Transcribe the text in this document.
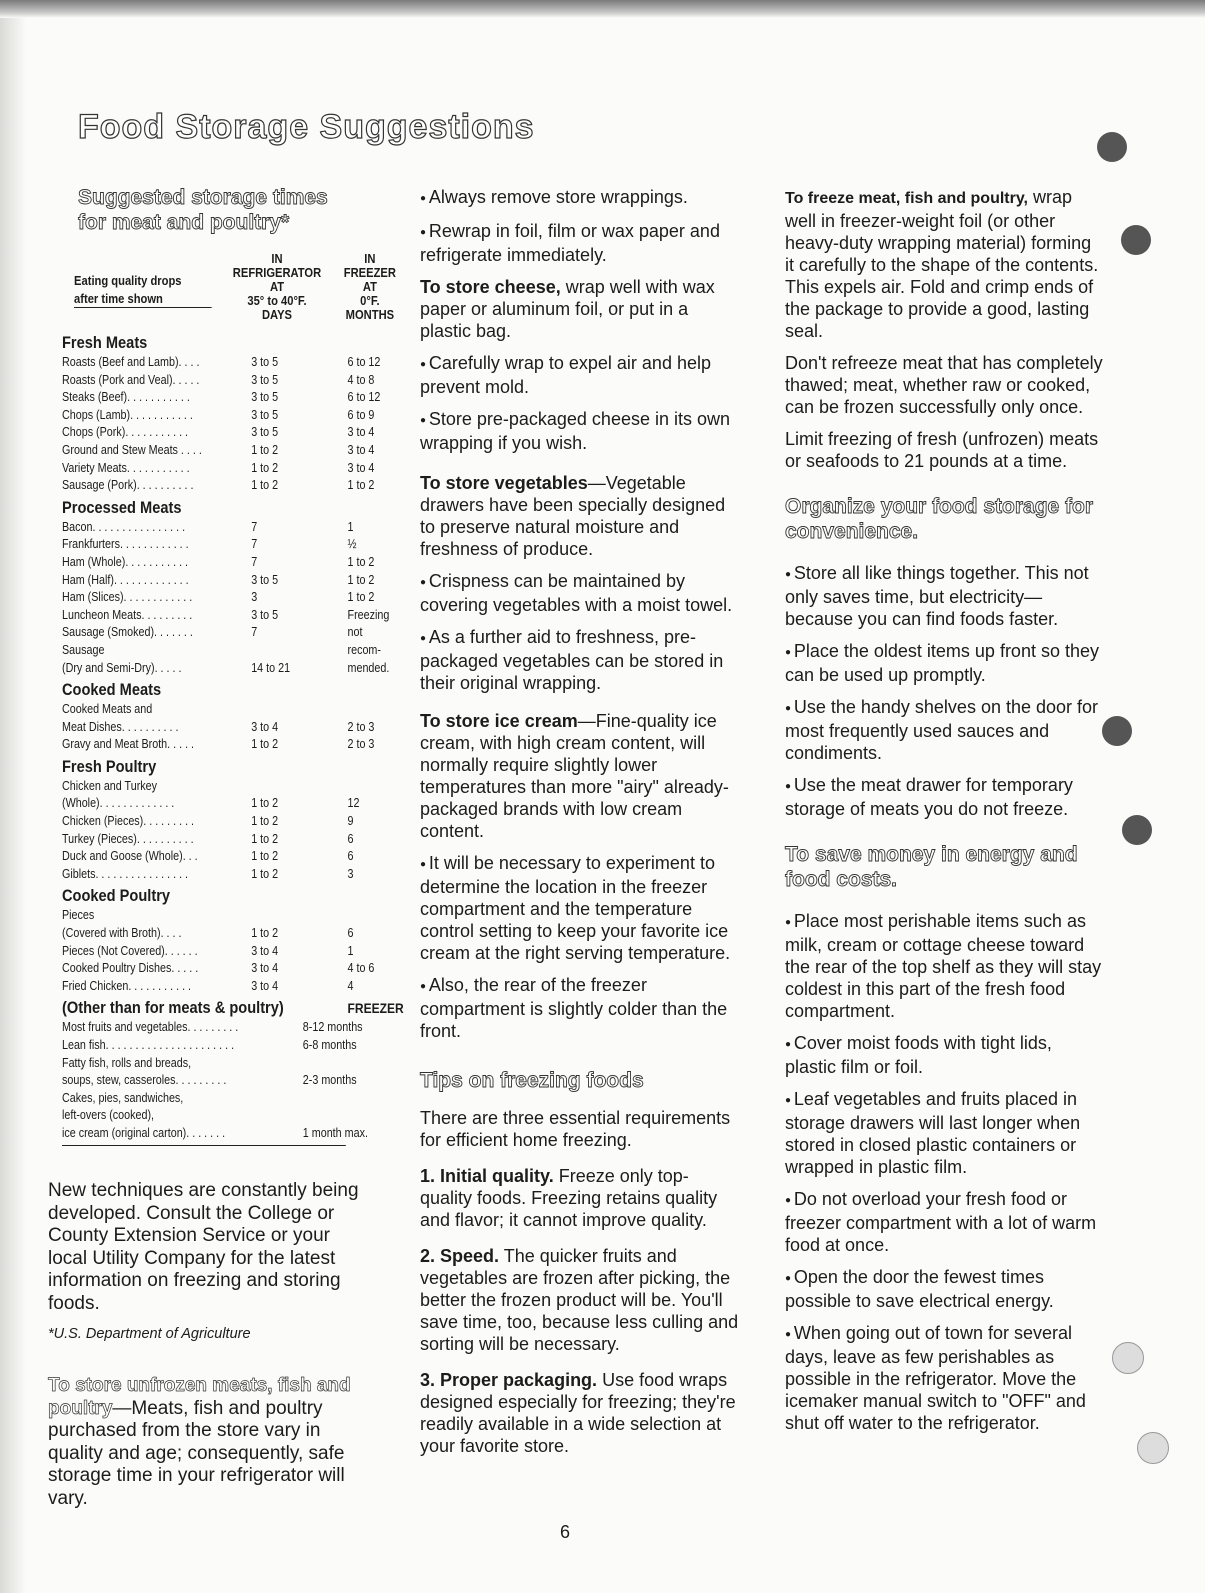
Food Storage Suggestions

Suggested storage times
for meat and poultry*

Eating quality drops
after time shown
IN
REFRIGERATOR
AT
35° to 40°F.
DAYS
IN
FREEZER
AT
0°F.
MONTHS
Fresh Meats
Roasts (Beef and Lamb). . . .	3 to 5	6 to 12
Roasts (Pork and Veal). . . . .	3 to 5	4 to 8
Steaks (Beef). . . . . . . . . . .	3 to 5	6 to 12
Chops (Lamb). . . . . . . . . . .	3 to 5	6 to 9
Chops (Pork). . . . . . . . . . .	3 to 5	3 to 4
Ground and Stew Meats . . . .	1 to 2	3 to 4
Variety Meats. . . . . . . . . . .	1 to 2	3 to 4
Sausage (Pork). . . . . . . . . .	1 to 2	1 to 2
Processed Meats
Bacon. . . . . . . . . . . . . . . .	7	1
Frankfurters. . . . . . . . . . . .	7	½
Ham (Whole). . . . . . . . . . .	7	1 to 2
Ham (Half). . . . . . . . . . . . .	3 to 5	1 to 2
Ham (Slices). . . . . . . . . . . .	3	1 to 2
Luncheon Meats. . . . . . . . .	3 to 5	Freezing
Sausage (Smoked). . . . . . .	7	not
Sausage	recom-
(Dry and Semi-Dry). . . . .	14 to 21	mended.
Cooked Meats
Cooked Meats and
Meat Dishes. . . . . . . . . .	3 to 4	2 to 3
Gravy and Meat Broth. . . . .	1 to 2	2 to 3
Fresh Poultry
Chicken and Turkey
(Whole). . . . . . . . . . . . .	1 to 2	12
Chicken (Pieces). . . . . . . . .	1 to 2	9
Turkey (Pieces). . . . . . . . . .	1 to 2	6
Duck and Goose (Whole). . .	1 to 2	6
Giblets. . . . . . . . . . . . . . . .	1 to 2	3
Cooked Poultry
Pieces
(Covered with Broth). . . .	1 to 2	6
Pieces (Not Covered). . . . . .	3 to 4	1
Cooked Poultry Dishes. . . . .	3 to 4	4 to 6
Fried Chicken. . . . . . . . . . .	3 to 4	4
(Other than for meats & poultry)	FREEZER
Most fruits and vegetables. . . . . . . . .	8-12 months
Lean fish. . . . . . . . . . . . . . . . . . . . . .	6-8 months
Fatty fish, rolls and breads,
soups, stew, casseroles. . . . . . . . .	2-3 months
Cakes, pies, sandwiches,
left-overs (cooked),
ice cream (original carton). . . . . . .	1 month max.

New techniques are constantly being developed. Consult the College or County Extension Service or your local Utility Company for the latest information on freezing and storing foods.

*U.S. Department of Agriculture

To store unfrozen meats, fish and poultry—Meats, fish and poultry purchased from the store vary in quality and age; consequently, safe storage time in your refrigerator will vary.

● Always remove store wrappings.

● Rewrap in foil, film or wax paper and refrigerate immediately.

To store cheese, wrap well with wax paper or aluminum foil, or put in a plastic bag.

● Carefully wrap to expel air and help prevent mold.

● Store pre-packaged cheese in its own wrapping if you wish.

To store vegetables—Vegetable drawers have been specially designed to preserve natural moisture and freshness of produce.

● Crispness can be maintained by covering vegetables with a moist towel.

● As a further aid to freshness, pre-packaged vegetables can be stored in their original wrapping.

To store ice cream—Fine-quality ice cream, with high cream content, will normally require slightly lower temperatures than more "airy" already-packaged brands with low cream content.

● It will be necessary to experiment to determine the location in the freezer compartment and the temperature control setting to keep your favorite ice cream at the right serving temperature.

● Also, the rear of the freezer compartment is slightly colder than the front.

Tips on freezing foods

There are three essential requirements for efficient home freezing.

1. Initial quality. Freeze only top-quality foods. Freezing retains quality and flavor; it cannot improve quality.

2. Speed. The quicker fruits and vegetables are frozen after picking, the better the frozen product will be. You'll save time, too, because less culling and sorting will be necessary.

3. Proper packaging. Use food wraps designed especially for freezing; they're readily available in a wide selection at your favorite store.

To freeze meat, fish and poultry, wrap well in freezer-weight foil (or other heavy-duty wrapping material) forming it carefully to the shape of the contents. This expels air. Fold and crimp ends of the package to provide a good, lasting seal.

Don't refreeze meat that has completely thawed; meat, whether raw or cooked, can be frozen successfully only once.

Limit freezing of fresh (unfrozen) meats or seafoods to 21 pounds at a time.

Organize your food storage for convenience.

● Store all like things together. This not only saves time, but electricity—because you can find foods faster.

● Place the oldest items up front so they can be used up promptly.

● Use the handy shelves on the door for most frequently used sauces and condiments.

● Use the meat drawer for temporary storage of meats you do not freeze.

To save money in energy and food costs.

● Place most perishable items such as milk, cream or cottage cheese toward the rear of the top shelf as they will stay coldest in this part of the fresh food compartment.

● Cover moist foods with tight lids, plastic film or foil.

● Leaf vegetables and fruits placed in storage drawers will last longer when stored in closed plastic containers or wrapped in plastic film.

● Do not overload your fresh food or freezer compartment with a lot of warm food at once.

● Open the door the fewest times possible to save electrical energy.

● When going out of town for several days, leave as few perishables as possible in the refrigerator. Move the icemaker manual switch to "OFF" and shut off water to the refrigerator.

6
